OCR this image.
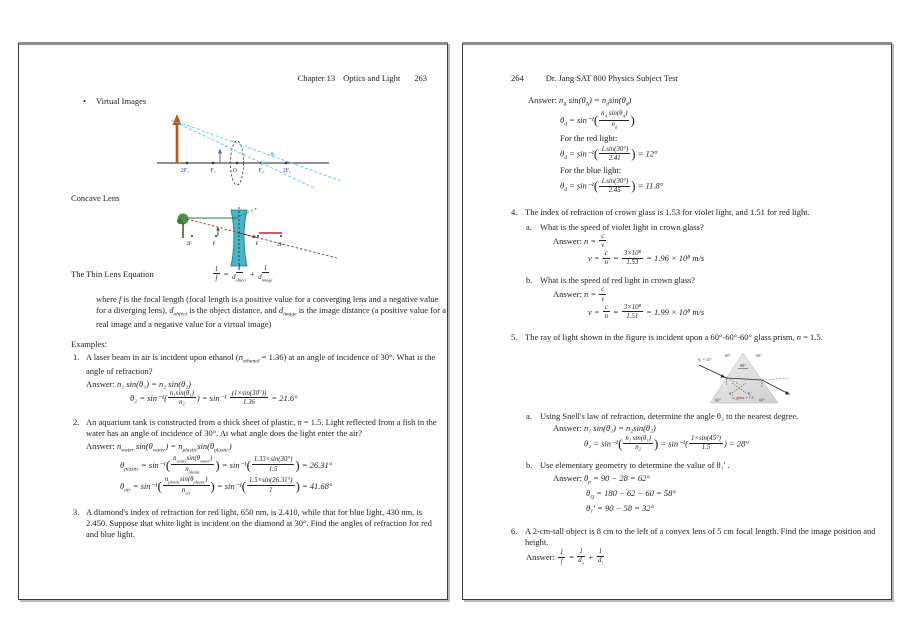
Chapter 13 Optics and Light 263
• Virtual Images
2F₁	F₁	O	F₂	2F₂
Concave Lens
2F	F	F	2F
The Thin Lens Equation	$\frac{1}{f} = \frac{1}{d_{object}} + \frac{1}{d_{image}}$
where f is the focal length (focal length is a positive value for a converging lens and a negative value for a diverging lens), $d_{object}$ is the object distance, and $d_{image}$ is the image distance (a positive value for a real image and a negative value for a virtual image)
Examples:
1. A laser beam in air is incident upon ethanol $(n_{ethanol} = 1.36)$ at an angle of incidence of 30°. What is the angle of refraction?
Answer: n₁ sin(θ₁) = n₂ sin(θ₂)
$\theta_2 = \sin^{-1}( \frac{\text{n₁sin(θ₁)}}{\text{n₂}}$ ) = $\sin^{-1} \frac{(1\times\sin(30^\circ))}{1.36} = 21.6^\circ$
2. An aquarium tank is constructed from a thick sheet of plastic, n = 1.5. Light reflected from a fish in the water has an angle of incidence of 30°. At what angle does the light enter the air?
Answer: $n_{water}$ $\sin(\theta_{water}) = n_{plastic}\sin(\theta_{plastic})$
$\theta_{plastic} = \sin^{-1}( \frac{n_{water}\sin(\theta_{water})}{n_{plastic}}$ ) = $\sin^{-1}( \frac{1.33\times\sin(30^\circ)}{1.5}$ ) = 26.31°
$\theta_{air} = \sin^{-1}( \frac{n_{plastic}\sin(\theta_{plastic})}{n_{air}}$ ) = $\sin^{-1}( \frac{1.5\times\sin(26.31^\circ)}{1}$ ) = 41.68°
3. A diamond's index of refraction for red light, 650 nm, is 2.410, while that for blue light, 430 nm, is 2.450. Suppose that white light is incident on the diamond at 30°. Find the angles of refraction for red and blue light.
264	Dr. Jang SAT 800 Physics Subject Test
Answer: $n_A$ $\sin(\theta_A) = n_d\sin(\theta_d)$
$\theta_d = \sin^{-1}( \frac{n_A \sin(\theta_A)}{n_d}$ )
For the red light:
$\theta_d = \sin^{-1}( \frac{1.\sin(30^\circ)}{2.41}$ ) = 12°
For the blue light:
$\theta_d = \sin^{-1}( \frac{1.\sin(30^\circ)}{2.45}$ ) = 11.8°
4. The index of refraction of crown glass is 1.53 for violet light, and 1.51 for red light.
a. What is the speed of violet light in crown glass?
Answer: $n = \frac{c}{v}$
$v = \frac{c}{n} = \frac{\text{3×10⁸}}{1.53} = 1.96 \times 10^8$ m/s
b. What is the speed of red light in crown glass?
Answer: $n = \frac{c}{v}$
$v = \frac{c}{n} = \frac{\text{3×10⁸}}{1.51} = 1.99 \times 10^8$ m/s
5. The ray of light shown in the figure is incident upon a 60°-60°-60° glass prism, n = 1.5.
60°	60°
60°
θ₁ = 45°
θ₂	θ₁′
n_glass = 1.5
60°	60°
a. Using Snell's law of refraction, determine the angle θ₂ to the nearest degree.
Answer: n₁ sin(θ₁) = n₂sin(θ₂)
$\theta_2 = \sin^{-1}( \frac{\text{n₁ sin(θ₁)}}{\text{n₂}}$ ) = $\sin^{-1}( \frac{1\times\sin(45^\circ)}{1.5}$ ) = 28°
b. Use elementary geometry to determine the value of θ₁′ .
Answer: $\theta_p = 90 - 28 = 62^\circ$
$\theta_Q = 180 - 62 - 60 = 58^\circ$
θ₁′ = 90 − 58 = 32°
6. A 2-cm-tall object is 8 cm to the left of a convex lens of 5 cm focal length. Find the image position and height.
Answer: $\frac{1}{f} = \frac{1}{d_o} + \frac{1}{d_i}$
